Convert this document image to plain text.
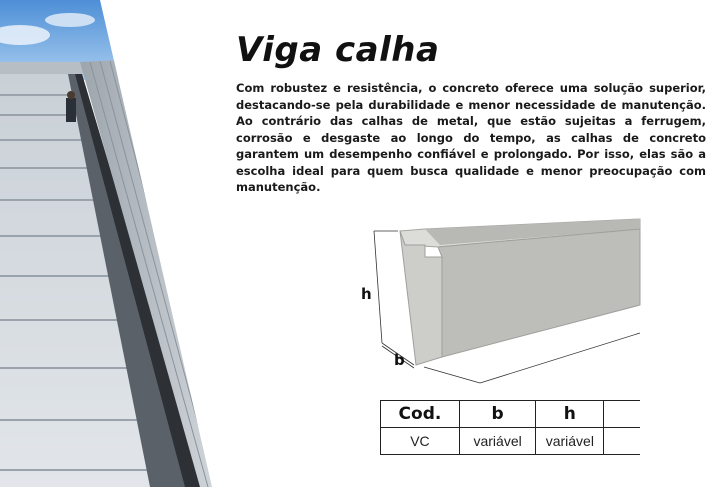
Viga calha

Com robustez e resistência, o concreto oferece uma solução superior, destacando-se pela durabilidade e menor necessidade de manutenção. Ao contrário das calhas de metal, que estão sujeitas a ferrugem, corrosão e desgaste ao longo do tempo, as calhas de concreto garantem um desempenho confiável e prolongado. Por isso, elas são a escolha ideal para quem busca qualidade e menor preocupação com manutenção.

h
b
Cod.	b	h	
VC	variável	variável	
